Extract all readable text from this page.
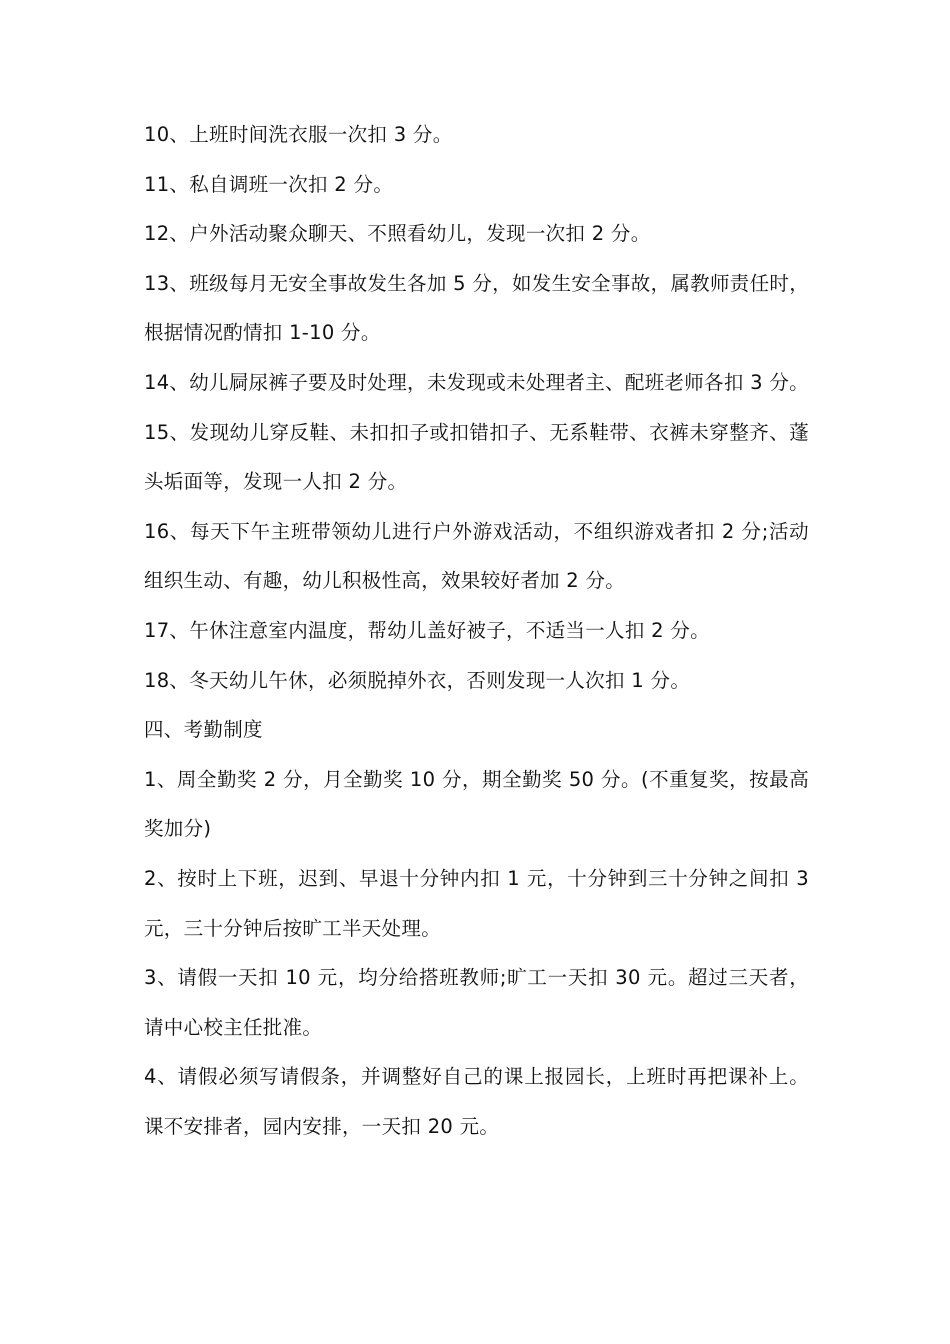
10、上班时间洗衣服一次扣 3 分。

11、私自调班一次扣 2 分。

12、户外活动聚众聊天、不照看幼儿，发现一次扣 2 分。

13、班级每月无安全事故发生各加 5 分，如发生安全事故，属教师责任时，根据情况酌情扣 1-10 分。

14、幼儿屙尿裤子要及时处理，未发现或未处理者主、配班老师各扣 3 分。

15、发现幼儿穿反鞋、未扣扣子或扣错扣子、无系鞋带、衣裤未穿整齐、蓬头垢面等，发现一人扣 2 分。

16、每天下午主班带领幼儿进行户外游戏活动，不组织游戏者扣 2 分;活动组织生动、有趣，幼儿积极性高，效果较好者加 2 分。

17、午休注意室内温度，帮幼儿盖好被子，不适当一人扣 2 分。

18、冬天幼儿午休，必须脱掉外衣，否则发现一人次扣 1 分。

四、考勤制度

1、周全勤奖 2 分，月全勤奖 10 分，期全勤奖 50 分。(不重复奖，按最高奖加分)

2、按时上下班，迟到、早退十分钟内扣 1 元，十分钟到三十分钟之间扣 3 元，三十分钟后按旷工半天处理。

3、请假一天扣 10 元，均分给搭班教师;旷工一天扣 30 元。超过三天者，请中心校主任批准。

4、请假必须写请假条，并调整好自己的课上报园长，上班时再把课补上。课不安排者，园内安排，一天扣 20 元。
